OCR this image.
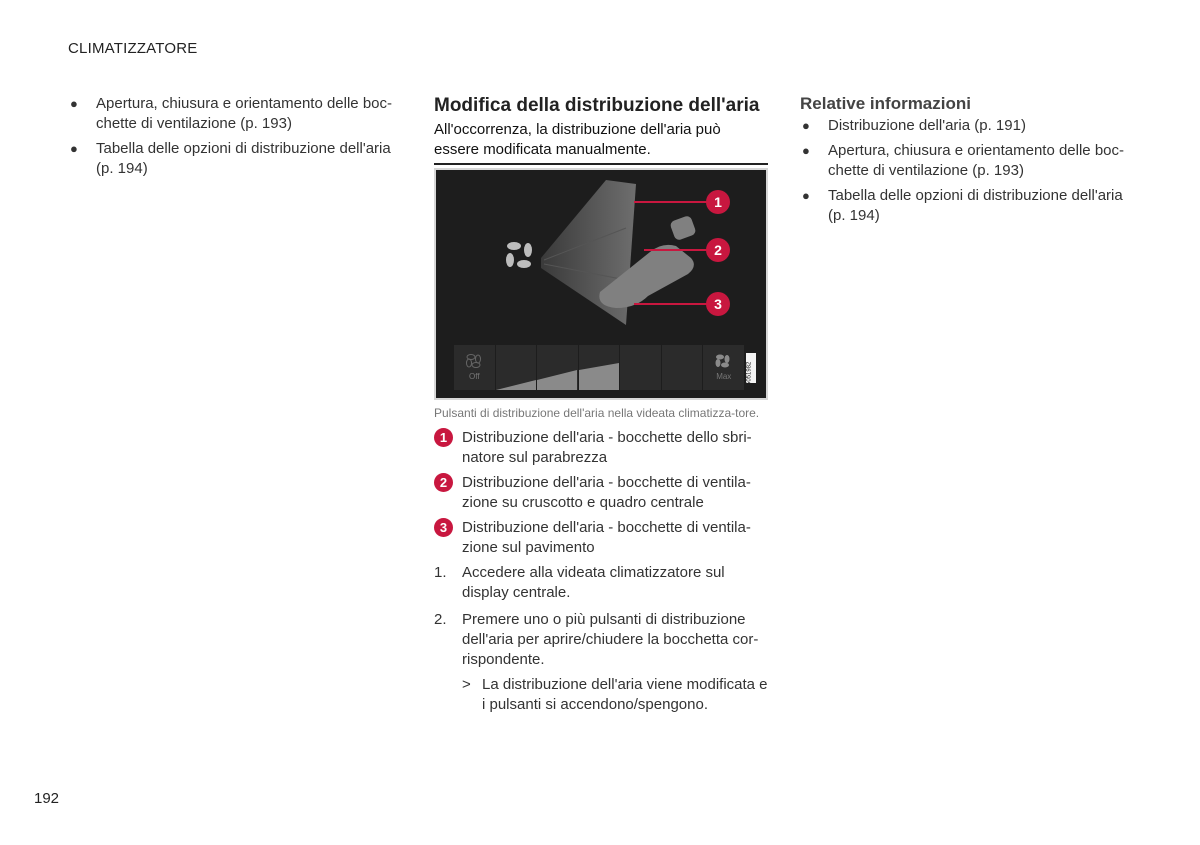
CLIMATIZZATORE
● Apertura, chiusura e orientamento delle boc-chette di ventilazione (p. 193)
● Tabella delle opzioni di distribuzione dell'aria (p. 194)
Modifica della distribuzione dell'aria

All'occorrenza, la distribuzione dell'aria può essere modificata manualmente.

1
2
3
Off	Max	G051982
Pulsanti di distribuzione dell'aria nella videata climatizza-tore.
1 Distribuzione dell'aria - bocchette dello sbri-natore sul parabrezza
2 Distribuzione dell'aria - bocchette di ventila-zione su cruscotto e quadro centrale
3 Distribuzione dell'aria - bocchette di ventila-zione sul pavimento
1. Accedere alla videata climatizzatore sul display centrale.
2. Premere uno o più pulsanti di distribuzione dell'aria per aprire/chiudere la bocchetta cor-rispondente.
> La distribuzione dell'aria viene modificata e i pulsanti si accendono/spengono.
Relative informazioni
● Distribuzione dell'aria (p. 191)
● Apertura, chiusura e orientamento delle boc-chette di ventilazione (p. 193)
● Tabella delle opzioni di distribuzione dell'aria (p. 194)
192
